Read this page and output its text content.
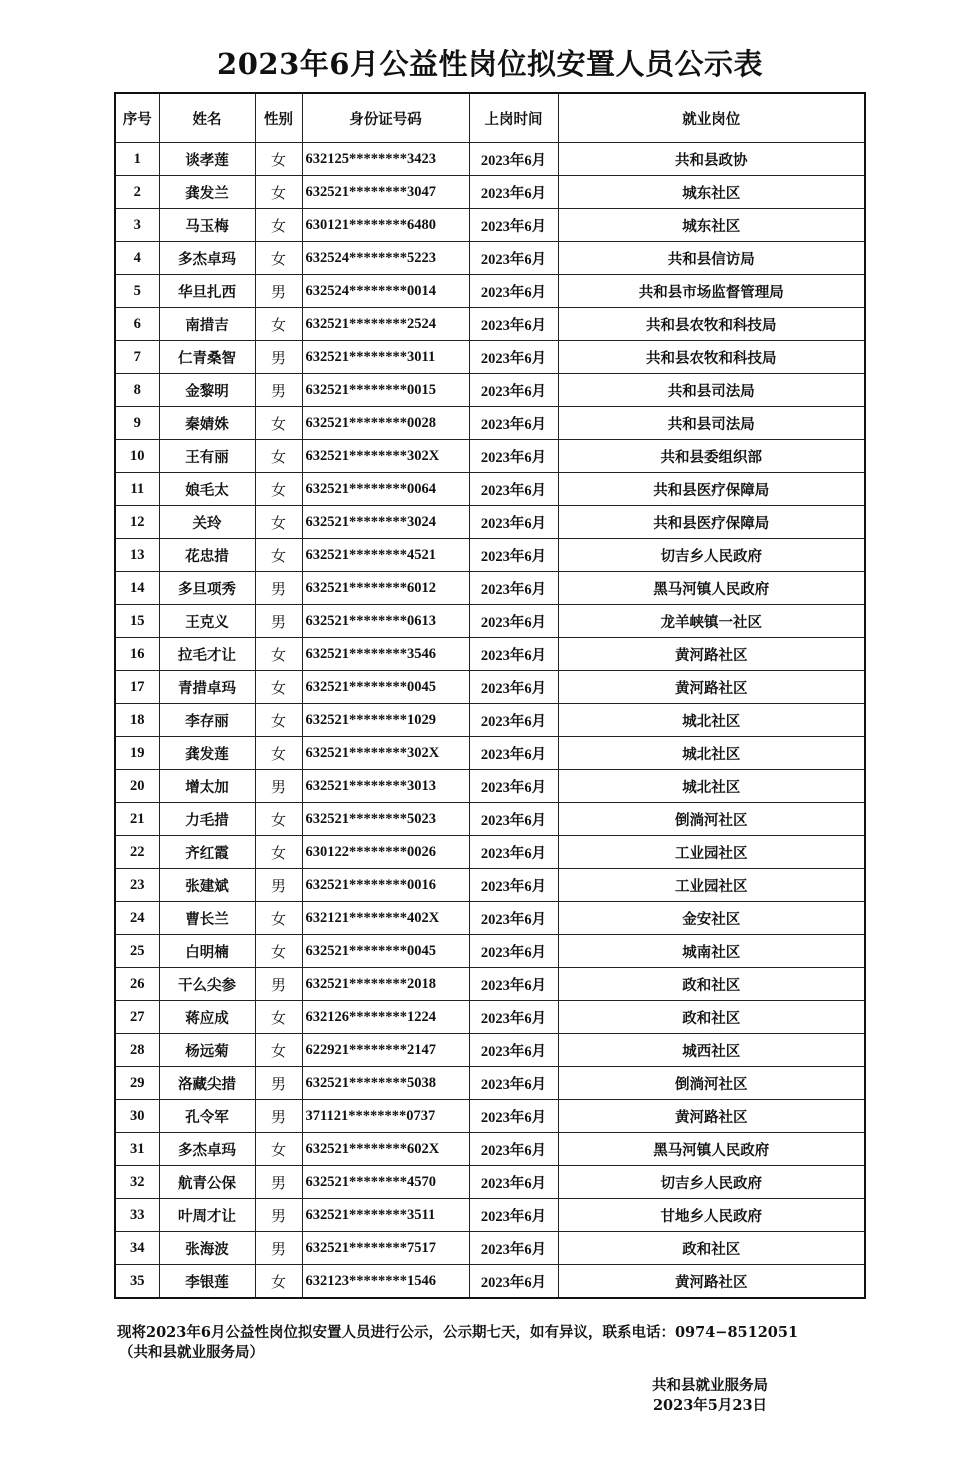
2023年6月公益性岗位拟安置人员公示表
序号	姓名	性别	身份证号码	上岗时间	就业岗位
1	谈孝莲	女	632125********3423	2023年6月	共和县政协
2	龚发兰	女	632521********3047	2023年6月	城东社区
3	马玉梅	女	630121********6480	2023年6月	城东社区
4	多杰卓玛	女	632524********5223	2023年6月	共和县信访局
5	华旦扎西	男	632524********0014	2023年6月	共和县市场监督管理局
6	南措吉	女	632521********2524	2023年6月	共和县农牧和科技局
7	仁青桑智	男	632521********3011	2023年6月	共和县农牧和科技局
8	金黎明	男	632521********0015	2023年6月	共和县司法局
9	秦婧姝	女	632521********0028	2023年6月	共和县司法局
10	王有丽	女	632521********302X	2023年6月	共和县委组织部
11	娘毛太	女	632521********0064	2023年6月	共和县医疗保障局
12	关玲	女	632521********3024	2023年6月	共和县医疗保障局
13	花忠措	女	632521********4521	2023年6月	切吉乡人民政府
14	多旦项秀	男	632521********6012	2023年6月	黑马河镇人民政府
15	王克义	男	632521********0613	2023年6月	龙羊峡镇一社区
16	拉毛才让	女	632521********3546	2023年6月	黄河路社区
17	青措卓玛	女	632521********0045	2023年6月	黄河路社区
18	李存丽	女	632521********1029	2023年6月	城北社区
19	龚发莲	女	632521********302X	2023年6月	城北社区
20	增太加	男	632521********3013	2023年6月	城北社区
21	力毛措	女	632521********5023	2023年6月	倒淌河社区
22	齐红霞	女	630122********0026	2023年6月	工业园社区
23	张建斌	男	632521********0016	2023年6月	工业园社区
24	曹长兰	女	632121********402X	2023年6月	金安社区
25	白明楠	女	632521********0045	2023年6月	城南社区
26	干么尖参	男	632521********2018	2023年6月	政和社区
27	蒋应成	女	632126********1224	2023年6月	政和社区
28	杨远菊	女	622921********2147	2023年6月	城西社区
29	洛藏尖措	男	632521********5038	2023年6月	倒淌河社区
30	孔令军	男	371121********0737	2023年6月	黄河路社区
31	多杰卓玛	女	632521********602X	2023年6月	黑马河镇人民政府
32	航青公保	男	632521********4570	2023年6月	切吉乡人民政府
33	叶周才让	男	632521********3511	2023年6月	甘地乡人民政府
34	张海波	男	632521********7517	2023年6月	政和社区
35	李银莲	女	632123********1546	2023年6月	黄河路社区
现将2023年6月公益性岗位拟安置人员进行公示，公示期七天，如有异议，联系电话：0974−8512051
（共和县就业服务局）
共和县就业服务局
2023年5月23日
